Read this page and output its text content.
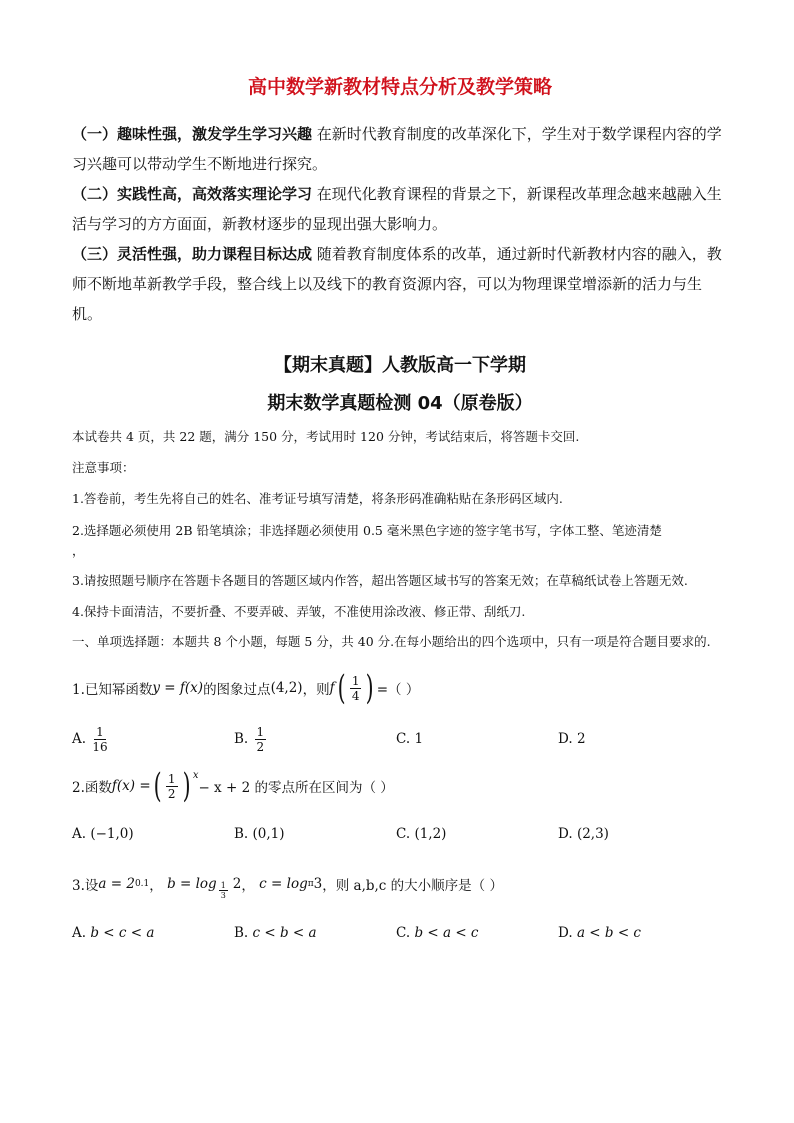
高中数学新教材特点分析及教学策略

（一）趣味性强，激发学生学习兴趣 在新时代教育制度的改革深化下，学生对于数学课程内容的学习兴趣可以带动学生不断地进行探究。

（二）实践性高，高效落实理论学习 在现代化教育课程的背景之下，新课程改革理念越来越融入生活与学习的方方面面，新教材逐步的显现出强大影响力。

（三）灵活性强，助力课程目标达成 随着教育制度体系的改革，通过新时代新教材内容的融入，教师不断地革新教学手段，整合线上以及线下的教育资源内容，可以为物理课堂增添新的活力与生机。

【期末真题】人教版高一下学期
期末数学真题检测 04（原卷版）

本试卷共 4 页，共 22 题，满分 150 分，考试用时 120 分钟，考试结束后，将答题卡交回.

注意事项：

1.答卷前，考生先将自己的姓名、准考证号填写清楚，将条形码准确粘贴在条形码区域内.

2.选择题必须使用 2B 铅笔填涂；非选择题必须使用 0.5 毫米黑色字迹的签字笔书写，字体工整、笔迹清楚

，

3.请按照题号顺序在答题卡各题目的答题区域内作答，超出答题区域书写的答案无效；在草稿纸试卷上答题无效.

4.保持卡面清洁，不要折叠、不要弄破、弄皱，不准使用涂改液、修正带、刮纸刀.

一、单项选择题：本题共 8 个小题，每题 5 分，共 40 分.在每小题给出的四个选项中，只有一项是符合题目要求的.

1.已知幂函数 y = f(x) 的图象过点 (4,2) ，则 f ( $\frac{1}{4}$ ) =（ ）
A.
$\frac{1}{16}$	B.
$\frac{1}{2}$	C.
1	D.
2
2.函数 f(x) = ( $\frac{1}{2}$ ) $^x$
− x + 2 的零点所在区间为（ ）
A.
(−1,0)	B.
(0,1)	C.
(1,2)	D.
(2,3)
3.设 a = 2 0.1 ， $b = \log \frac{1}{3} 2$ ， c = log π 3 ，则 a,b,c 的大小顺序是（ ）
A.
b < c < a	B.
c < b < a	C.
b < a < c	D.
a < b < c
